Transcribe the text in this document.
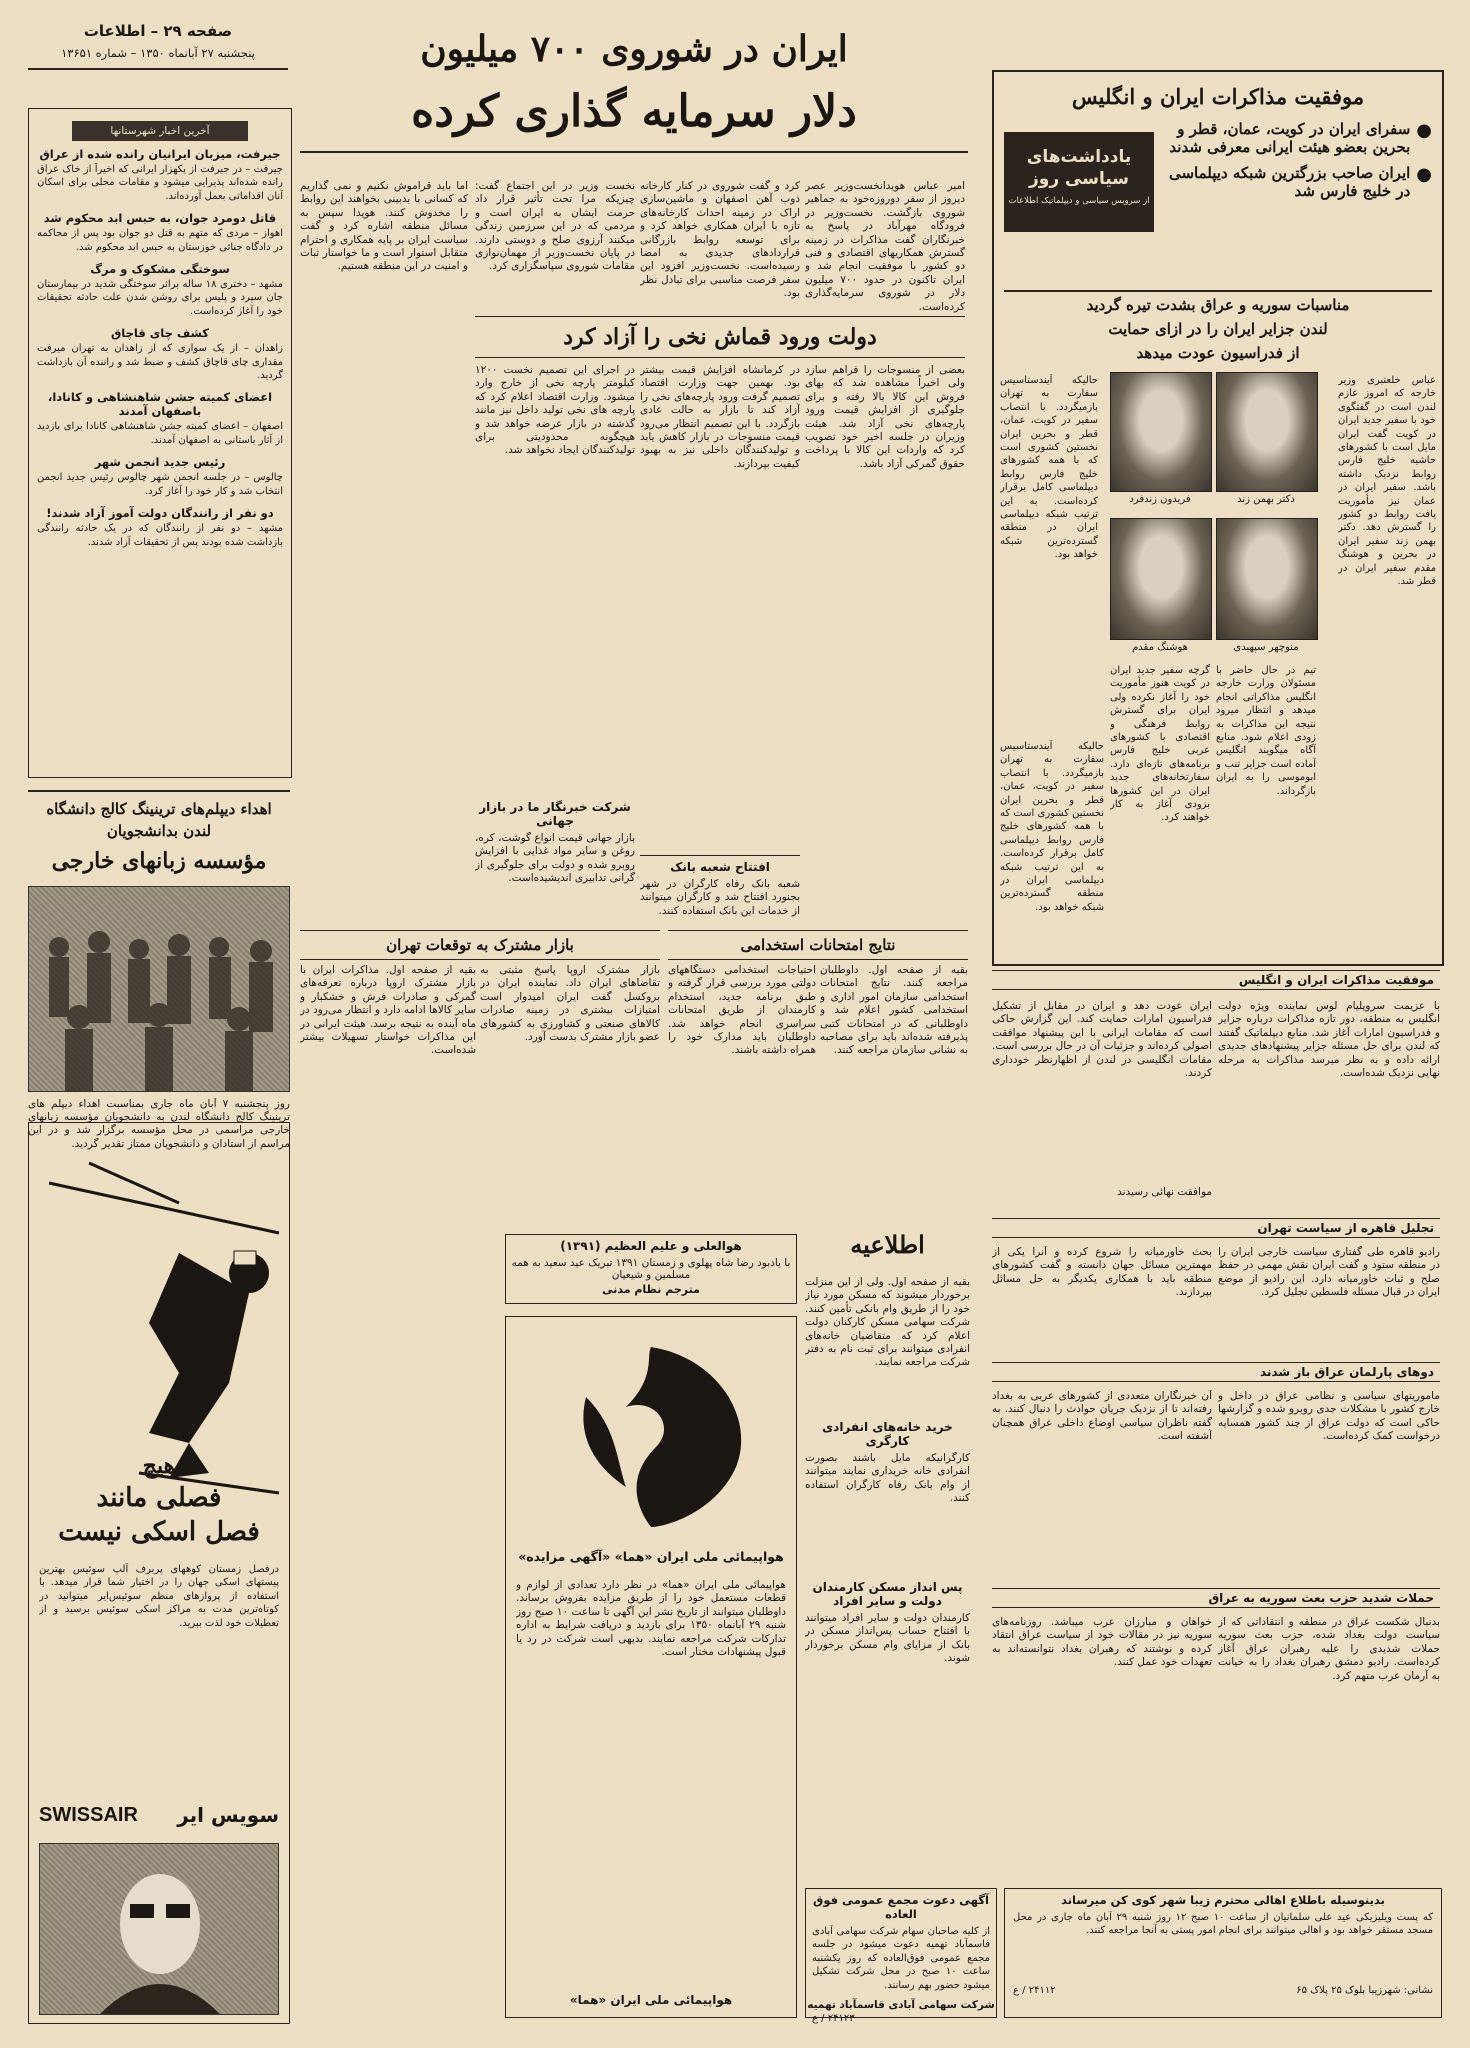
صفحه ۲۹ – اطلاعات
پنجشنبه ۲۷ آبانماه ۱۳۵۰ – شماره ۱۳۶۵۱
آخرین اخبار شهرستانها
جیرفت، میزبان ایرانیان رانده شده از عراق
جیرفت – در جیرفت از یکهزار ایرانی که اخیراً از خاک عراق رانده شده‌اند پذیرایی میشود و مقامات محلی برای اسکان آنان اقداماتی بعمل آورده‌اند.
قاتل دومرد جوان، به حبس ابد محکوم شد
اهواز – مردی که متهم به قتل دو جوان بود پس از محاکمه در دادگاه جنائی خوزستان به حبس ابد محکوم شد.
سوختگی مشکوک و مرگ
مشهد – دختری ۱۸ ساله براثر سوختگی شدید در بیمارستان جان سپرد و پلیس برای روشن شدن علت حادثه تحقیقات خود را آغاز کرده‌است.
کشف چای قاچاق
زاهدان – از یک سواری که از زاهدان به تهران میرفت مقداری چای قاچاق کشف و ضبط شد و راننده آن بازداشت گردید.
اعضای کمیته جشن شاهنشاهی و کانادا، باصفهان آمدند
اصفهان – اعضای کمیته جشن شاهنشاهی کانادا برای بازدید از آثار باستانی به اصفهان آمدند.
رئیس جدید انجمن شهر
چالوس – در جلسه انجمن شهر چالوس رئیس جدید انجمن انتخاب شد و کار خود را آغاز کرد.
دو نفر از رانندگان دولت آموز آزاد شدند!
مشهد – دو نفر از رانندگان که در یک حادثه رانندگی بازداشت شده بودند پس از تحقیقات آزاد شدند.
اهداء دیپلم‌های ترینینگ کالج دانشگاه
لندن بدانشجویان
مؤسسه زبانهای خارجی
روز پنجشنبه ۷ آبان ماه جاری بمناسبت اهداء دیپلم های ترینینگ کالج دانشگاه لندن به دانشجویان مؤسسه زبانهای خارجی مراسمی در محل مؤسسه برگزار شد و در این مراسم از استادان و دانشجویان ممتاز تقدیر گردید.
هیچ
فصلی مانند
فصل اسکی نیست
درفصل زمستان کوههای پربرف آلپ سوئیس بهترین پیستهای اسکی جهان را در اختیار شما قرار میدهد. با استفاده از پروازهای منظم سوئیس‌ایر میتوانید در کوتاه‌ترین مدت به مراکز اسکی سوئیس برسید و از تعطیلات خود لذت ببرید.
سویس ایر
SWISSAIR
ایران در شوروی ۷۰۰ میلیون
دلار سرمایه گذاری کرده
امیر عباس هویدانخست‌وزیر عصر دیروز از سفر دوروزه‌خود به جماهیر شوروی بازگشت. نخست‌وزیر در فرودگاه مهرآباد در پاسخ به خبرنگاران گفت مذاکرات در زمینه گسترش همکاریهای اقتصادی و فنی دو کشور با موفقیت انجام شد و ایران تاکنون در حدود ۷۰۰ میلیون دلار در شوروی سرمایه‌گذاری کرده‌است.
کرد و گفت شوروی در کنار کارخانه ذوب آهن اصفهان و ماشین‌سازی اراک در زمینه احداث کارخانه‌های تازه با ایران همکاری خواهد کرد و برای توسعه روابط بازرگانی قراردادهای جدیدی به امضا رسیده‌است. نخست‌وزیر افزود این سفر فرصت مناسبی برای تبادل نظر بود.
نخست وزیر در این اجتماع گفت: چیزیکه مرا تحت تأثیر قرار داد حرمت ایشان به ایران است و مردمی که در این سرزمین زندگی میکنند آرزوی صلح و دوستی دارند. در پایان نخست‌وزیر از مهمان‌نوازی مقامات شوروی سپاسگزاری کرد.
اما باید قراموش نکنیم و نمی گذاریم که کسانی با بدبینی بخواهند این روابط را مخدوش کنند. هویدا سپس به مسائل منطقه اشاره کرد و گفت سیاست ایران بر پایه همکاری و احترام متقابل استوار است و ما خواستار ثبات و امنیت در این منطقه هستیم.
دولت ورود قماش نخی را آزاد کرد
بعضی از منسوجات را فراهم سازد ولی اخیراً مشاهده شد که بهای فروش این کالا بالا رفته و برای جلوگیری از افزایش قیمت ورود پارچه‌های نخی آزاد شد. هیئت وزیران در جلسه اخیر خود تصویب کرد که واردات این کالا با پرداخت حقوق گمرکی آزاد باشد.
در کرمانشاه افزایش قیمت بیشتر بود. بهمین جهت وزارت اقتصاد تصمیم گرفت ورود پارچه‌های نخی را آزاد کند تا بازار به حالت عادی بازگردد. با این تصمیم انتظار می‌رود قیمت منسوجات در بازار کاهش یابد و تولیدکنندگان داخلی نیز به بهبود کیفیت بپردازند.
در اجرای این تصمیم نخست ۱۲۰۰ کیلومتر پارچه نخی از خارج وارد میشود. وزارت اقتصاد اعلام کرد که پارچه های نخی تولید داخل نیز مانند گذشته در بازار عرضه خواهد شد و هیچگونه محدودیتی برای تولیدکنندگان ایجاد نخواهد شد.
شرکت خبرنگار ما در بازار جهانی
بازار جهانی قیمت انواع گوشت، کره، روغن و سایر مواد غذایی با افزایش روبرو شده و دولت برای جلوگیری از گرانی تدابیری اندیشیده‌است.
افتتاح شعبه بانک
شعبه بانک رفاه کارگران در شهر بجنورد افتتاح شد و کارگران میتوانند از خدمات این بانک استفاده کنند.
بازار مشترک به توقعات تهران
بازار مشترک اروپا پاسخ مثبتی به تقاضاهای ایران داد. نماینده ایران در بروکسل گفت ایران امیدوار است امتیازات بیشتری در زمینه صادرات کالاهای صنعتی و کشاورزی به کشورهای عضو بازار مشترک بدست آورد.
بقیه از صفحه اول. مذاکرات ایران با بازار مشترک اروپا درباره تعرفه‌های گمرکی و صادرات فرش و خشکبار و سایر کالاها ادامه دارد و انتظار می‌رود در ماه آینده به نتیجه برسد. هیئت ایرانی در این مذاکرات خواستار تسهیلات بیشتر شده‌است.
نتایج امتحانات استخدامی
بقیه از صفحه اول. داوطلبان مراجعه کنند. نتایج امتحانات استخدامی سازمان امور اداری و استخدامی کشور اعلام شد و داوطلبانی که در امتحانات کتبی پذیرفته شده‌اند باید برای مصاحبه به نشانی سازمان مراجعه کنند.
احتیاجات استخدامی دستگاههای دولتی مورد بررسی قرار گرفته و طبق برنامه جدید، استخدام کارمندان از طریق امتحانات سراسری انجام خواهد شد. داوطلبان باید مدارک خود را همراه داشته باشند.
هوالعلی و علیم العظیم (۱۳۹۱)
با یادبود رضا شاه پهلوی و زمستان ۱۳۹۱ تبریک عید سعید به همه مسلمین و شیعیان
مترجم نظام مدنی
هواپیمائی ملی ایران «هما» «آگهی مزایده»
هواپیمائی ملی ایران «هما» در نظر دارد تعدادی از لوازم و قطعات مستعمل خود را از طریق مزایده بفروش برساند. داوطلبان میتوانند از تاریخ نشر این آگهی تا ساعت ۱۰ صبح روز شنبه ۲۹ آبانماه ۱۳۵۰ برای بازدید و دریافت شرایط به اداره تدارکات شرکت مراجعه نمایند. بدیهی است شرکت در رد یا قبول پیشنهادات مختار است.
هواپیمائی ملی ایران «هما»
اطلاعیه
بقیه از صفحه اول. ولی از این منزلت برخوردار میشوند که مسکن مورد نیاز خود را از طریق وام بانکی تأمین کنند. شرکت سهامی مسکن کارکنان دولت اعلام کرد که متقاضیان خانه‌های انفرادی میتوانند برای ثبت نام به دفتر شرکت مراجعه نمایند.
خرید خانه‌های انفرادی کارگری
کارگرانیکه مایل باشند بصورت انفرادی خانه خریداری نمایند میتوانند از وام بانک رفاه کارگران استفاده کنند.
پس انداز مسکن کارمندان دولت و سایر افراد
کارمندان دولت و سایر افراد میتوانند با افتتاح حساب پس‌انداز مسکن در بانک از مزایای وام مسکن برخوردار شوند.
آگهی دعوت مجمع عمومی فوق العاده
از کلیه صاحبان سهام شرکت سهامی آبادی فاسمآباد تهمیه دعوت میشود در جلسه مجمع عمومی فوق‌العاده که روز یکشنبه ساعت ۱۰ صبح در محل شرکت تشکیل میشود حضور بهم رسانند.
شرکت سهامی آبادی قاسمآباد تهمیه
۲۴۱۲۳ / ع
موفقیت مذاکرات ایران و انگلیس
●
سفرای ایران در کویت، عمان، قطر و بحرین بعضو هیئت ایرانی معرفی شدند
●
ایران صاحب بزرگترین شبکه دیپلماسی در خلیج فارس شد
یادداشت‌های سیاسی روز
از سرویس سیاسی و دیپلماتیک اطلاعات
مناسبات سوریه و عراق بشدت تیره گردید
لندن جزایر ایران را در ازای حمایت
از فدراسیون عودت میدهد
عباس خلعتبری وزیر خارجه که امروز عازم لندن است در گفتگوی خود با سفیر جدید ایران در کویت گفت ایران مایل است با کشورهای حاشیه خلیج فارس روابط نزدیک داشته باشد. سفیر ایران در عمان نیز مأموریت یافت روابط دو کشور را گسترش دهد. دکتر بهمن زند سفیر ایران در بحرین و هوشنگ مقدم سفیر ایران در قطر شد.
حالیکه آیندستاسیس سفارت به تهران بازمیگردد. با انتصاب سفیر در کویت، عمان، قطر و بحرین ایران نخستین کشوری است که با همه کشورهای خلیج فارس روابط دیپلماسی کامل برقرار کرده‌است. به این ترتیب شبکه دیپلماسی ایران در منطقه گسترده‌ترین شبکه خواهد بود.
دکتر بهمن زند
فریدون زندفرد
منوچهر سپهبدی
هوشنگ مقدم
تیم در حال حاضر با مسئولان وزارت خارجه انگلیس مذاکراتی انجام میدهد و انتظار میرود نتیجه این مذاکرات به زودی اعلام شود. منابع آگاه میگویند انگلیس آماده است جزایر تنب و ابوموسی را به ایران بازگرداند.
گرچه سفیر جدید ایران در کویت هنوز مأموریت خود را آغاز نکرده ولی ایران برای گسترش روابط فرهنگی و اقتصادی با کشورهای عربی خلیج فارس برنامه‌های تازه‌ای دارد. سفارتخانه‌های جدید ایران در این کشورها بزودی آغاز به کار خواهند کرد.
حالیکه آیندستاسیس سفارت به تهران بازمیگردد. با انتصاب سفیر در کویت، عمان، قطر و بحرین ایران نخستین کشوری است که با همه کشورهای خلیج فارس روابط دیپلماسی کامل برقرار کرده‌است. به این ترتیب شبکه دیپلماسی ایران در منطقه گسترده‌ترین شبکه خواهد بود.
موفقیت مذاکرات ایران و انگلیس
با عزیمت سرویلیام لوس نماینده ویژه دولت انگلیس به منطقه، دور تازه مذاکرات درباره جزایر و فدراسیون امارات آغاز شد. منابع دیپلماتیک گفتند که لندن برای حل مسئله جزایر پیشنهادهای جدیدی ارائه داده و به نظر میرسد مذاکرات به مرحله نهایی نزدیک شده‌است.
ایران عودت دهد و ایران در مقابل از تشکیل فدراسیون امارات حمایت کند. این گزارش حاکی است که مقامات ایرانی با این پیشنهاد موافقت اصولی کرده‌اند و جزئیات آن در حال بررسی است. مقامات انگلیسی در لندن از اظهارنظر خودداری کردند.
موافقت نهائی رسیدند
تجلیل قاهره از سیاست تهران
رادیو قاهره طی گفتاری سیاست خارجی ایران را در منطقه ستود و گفت ایران نقش مهمی در حفظ صلح و ثبات خاورمیانه دارد. این رادیو از موضع ایران در قبال مسئله فلسطین تجلیل کرد.
بحث خاورمیانه را شروع کرده و آنرا یکی از مهمترین مسائل جهان دانسته و گفت کشورهای منطقه باید با همکاری یکدیگر به حل مسائل بپردازند.
دوهای پارلمان عراق باز شدند
ماموریتهای سیاسی و نظامی عراق در داخل و خارج کشور با مشکلات جدی روبرو شده و گزارشها حاکی است که دولت عراق از چند کشور همسایه درخواست کمک کرده‌است.
آن خبرنگاران متعددی از کشورهای عربی به بغداد رفته‌اند تا از نزدیک جریان حوادث را دنبال کنند. به گفته ناظران سیاسی اوضاع داخلی عراق همچنان آشفته است.
حملات شدید حزب بعث سوریه به عراق
بدنبال شکست عراق در منطقه و انتقاداتی که از سیاست دولت بغداد شده، حزب بعث سوریه حملات شدیدی را علیه رهبران عراق آغاز کرده‌است. رادیو دمشق رهبران بغداد را به خیانت به آرمان عرب متهم کرد.
خواهان و مبارزان عرب میباشد. روزنامه‌های سوریه نیز در مقالات خود از سیاست عراق انتقاد کرده و نوشتند که رهبران بغداد نتوانسته‌اند به تعهدات خود عمل کنند.
بدینوسیله باطلاع اهالی محترم زیبا شهر کوی کن میرساند
که پست ویلیزیکی عید علی سلمانیان از ساعت ۱۰ صبح ۱۲ روز شنبه ۲۹ آبان ماه جاری در محل مسجد مستقر خواهد بود و اهالی میتوانند برای انجام امور پستی به آنجا مراجعه کنند.
نشانی: شهرزیبا بلوک ۲۵ پلاک ۶۵
۲۴۱۱۲ / ع
